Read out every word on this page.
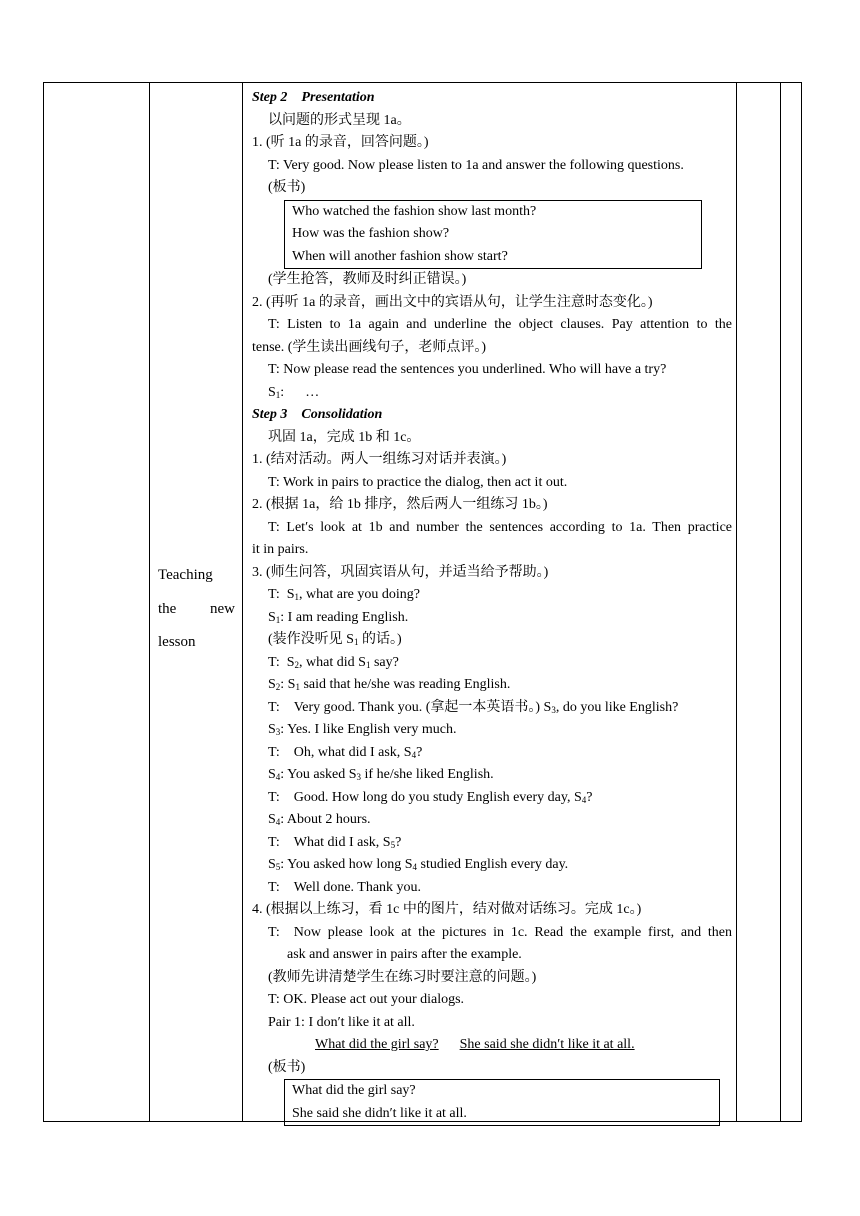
Teaching
the new
lesson
Step 2 Presentation
以问题的形式呈现 1a。
1. (听 1a 的录音，回答问题。)
T: Very good. Now please listen to 1a and answer the following questions.
(板书)
Who watched the fashion show last month?
How was the fashion show?
When will another fashion show start?
(学生抢答，教师及时纠正错误。)
2. (再听 1a 的录音，画出文中的宾语从句，让学生注意时态变化。)
T: Listen to 1a again and underline the object clauses. Pay attention to the
tense. (学生读出画线句子，老师点评。)
T: Now please read the sentences you underlined. Who will have a try?
$S_1$:   …
Step 3 Consolidation
巩固 1a，完成 1b 和 1c。
1. (结对活动。两人一组练习对话并表演。)
T: Work in pairs to practice the dialog, then act it out.
2. (根据 1a，给 1b 排序，然后两人一组练习 1b。)
T: Let′s look at 1b and number the sentences according to 1a. Then practice
it in pairs.
3. (师生问答，巩固宾语从句，并适当给予帮助。)
T:  $S_1$, what are you doing?
$S_1$: I am reading English.
(装作没听见 $S_1$ 的话。)
T:  $S_2$, what did $S_1$ say?
$S_2$: $S_1$ said that he/she was reading English.
T: Very good. Thank you. (拿起一本英语书。) $S_3$, do you like English?
$S_3$: Yes. I like English very much.
T: Oh, what did I ask, $S_4$?
$S_4$: You asked $S_3$ if he/she liked English.
T: Good. How long do you study English every day, $S_4$?
$S_4$: About 2 hours.
T: What did I ask, $S_5$?
$S_5$: You asked how long $S_4$ studied English every day.
T: Well done. Thank you.
4. (根据以上练习，看 1c 中的图片，结对做对话练习。完成 1c。)
T: Now please look at the pictures in 1c. Read the example first, and then
ask and answer in pairs after the example.
(教师先讲清楚学生在练习时要注意的问题。)
T: OK. Please act out your dialogs.
Pair 1: I don′t like it at all.
What did the girl say?   She said she didn′t like it at all.
(板书)
What did the girl say?
She said she didn′t like it at all.
